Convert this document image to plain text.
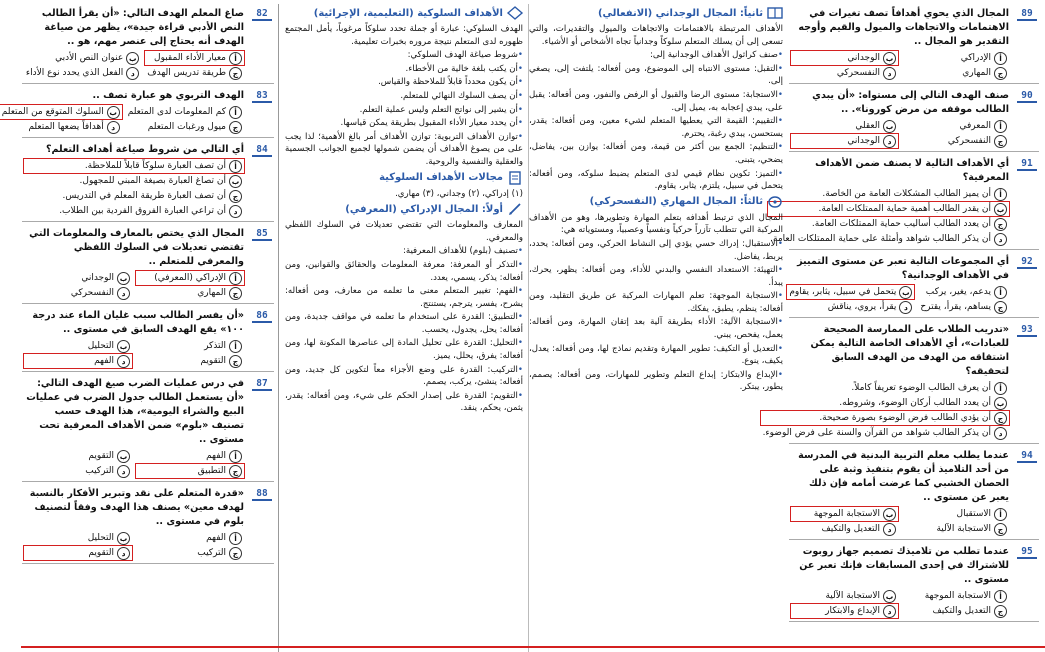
89
المجال الذي يحوي أهدافاً تصف تغيرات في الاهتمامات والاتجاهات والميول والقيم وأوجه التقدير هو المجال ..
أ
الإدراكي
ب
الوجداني
ج
المهاري
د
النفسحركي
90
صنف الهدف التالي إلى مستواه: «أن يبدي الطالب موقفه من مرض كورونا». ..
أ
المعرفي
ب
العقلي
ج
النفسحركي
د
الوجداني
91
أي الأهداف التالية لا يصنف ضمن الأهداف المعرفية؟
أ
أن يميز الطالب المشكلات العامة من الخاصة.
ب
أن يقدر الطالب أهمية حماية الممتلكات العامة.
ج
أن يعدد الطالب أساليب حماية الممتلكات العامة.
د
أن يذكر الطالب شواهد وأمثلة على حماية الممتلكات العامة.
92
أي المجموعات التالية تعبر عن مستوى التمييز في الأهداف الوجدانية؟
أ
يدعم، يغير، يركب
ب
يتحمل في سبيل، يثابر، يقاوم
ج
يساهم، يقرأ، يقترح
د
يقرأ، يروي، يناقش
93
«تدريب الطلاب على الممارسة الصحيحة للعبادات»، أي الأهداف الخاصة التالية يمكن اشتقاقه من الهدف من الهدف السابق لتحقيقه؟
أ
أن يعرف الطالب الوضوء تعريفاً كاملاً.
ب
أن يعدد الطالب أركان الوضوء، وشروطه.
ج
أن يؤدي الطالب فرض الوضوء بصورة صحيحة.
د
أن يذكر الطالب شواهد من القرآن والسنة على فرض الوضوء.
94
عندما يطلب معلم التربية البدنية في المدرسة من أحد التلاميذ أن يقوم بتنفيذ وثبة على الحصان الخشبي كما عرضت أمامه فإن ذلك يعبر عن مستوى ..
أ
الاستقبال
ب
الاستجابة الموجهة
ج
الاستجابة الآلية
د
التعديل والتكيف
95
عندما تطلب من تلاميذك تصميم جهاز روبوت للاشتراك في إحدى المسابقات فإنك تعبر عن مستوى ..
أ
الاستجابة الموجهة
ب
الاستجابة الآلية
ج
التعديل والتكيف
د
الإبداع والابتكار
ثانياً: المجال الوجداني (الانفعالي)
الأهداف المرتبطة بالاهتمامات والاتجاهات والميول والتقديرات، والتي تسعى إلى أن يسلك المتعلم سلوكاً وجدانياً تجاه الأشخاص أو الأشياء.
• صنف كراثول الأهداف الوجدانية إلى:
• التقبل: مستوى الانتباه إلى الموضوع، ومن أفعاله: يلتفت إلى، يصغي إلى.
• الاستجابة: مستوى الرضا والقبول أو الرفض والنفور، ومن أفعاله: يقبل على، يبدي إعجابه به، يميل إلى.
• التقييم: القيمة التي يعطيها المتعلم لشيء معين، ومن أفعاله: يقدر، يستحسن، يبدي رغبة، يحترم.
• التنظيم: الجمع بين أكثر من قيمة، ومن أفعاله: يوازن بين، يفاضل، يضحي، يتبنى.
• التميز: تكوين نظام قيمي لدى المتعلم يضبط سلوكه، ومن أفعاله: يتحمل في سبيل، يلتزم، يثابر، يقاوم.
ثالثاً: المجال المهاري (النفسحركي)
المجال الذي ترتبط أهدافه بتعلم المهارة وتطويرها، وهو من الأهداف المركبة التي تتطلب تآزراً حركياً ونفسياً وعصبياً، ومستوياته هي:
• الاستقبال: إدراك حسي يؤدي إلى النشاط الحركي، ومن أفعاله: يحدد، يربط، يفاضل.
• التهيئة: الاستعداد النفسي والبدني للأداء، ومن أفعاله: يظهر، يحرك، يبدأ.
• الاستجابة الموجهة: تعلم المهارات المركبة عن طريق التقليد، ومن أفعاله: ينظم، يطبق، يفكك.
• الاستجابة الآلية: الأداء بطريقة آلية بعد إتقان المهارة، ومن أفعاله: يعمل، يفحص، يبني.
• التعديل أو التكيف: تطوير المهارة وتقديم نماذج لها، ومن أفعاله: يعدل، يكيف، ينوع.
• الإبداع والابتكار: إبداع التعلم وتطوير للمهارات، ومن أفعاله: يصمم، يطور، يبتكر.
الأهداف السلوكية (التعليمية، الإجرائية)
الهدف السلوكي: عبارة أو جملة تحدد سلوكاً مرغوباً، يأمل المجتمع ظهوره لدى المتعلم نتيجة مروره بخبرات تعليمية.
• شروط صياغة الهدف السلوكي:
• أن يكتب بلغة خالية من الأخطاء.
• أن يكون محدداً قابلاً للملاحظة والقياس.
• أن يصف السلوك النهائي للمتعلم.
• أن يشير إلى نواتج التعلم وليس عملية التعلم.
• أن يحدد معيار الأداء المقبول بطريقة يمكن قياسها.
• توازن الأهداف التربوية: توازن الأهداف أمر بالغ الأهمية؛ لذا يجب على من يصوغ الأهداف أن يضمن شمولها لجميع الجوانب الجسمية والعقلية والنفسية والروحية.
مجالات الأهداف السلوكية
(١) إدراكي، (٢) وجداني، (٣) مهاري.
أولاً: المجال الإدراكي (المعرفي)
المعارف والمعلومات التي تقتضي تعديلات في السلوك اللفظي والمعرفي.
• تصنيف (بلوم) للأهداف المعرفية:
• التذكر أو المعرفة: معرفة المعلومات والحقائق والقوانين، ومن أفعاله: يذكر، يسمي، يعدد.
• الفهم: تغيير المتعلم معنى ما تعلمه من معارف، ومن أفعاله: يشرح، يفسر، يترجم، يستنتج.
• التطبيق: القدرة على استخدام ما تعلمه في مواقف جديدة، ومن أفعاله: يحل، يجدول، يحسب.
• التحليل: القدرة على تحليل المادة إلى عناصرها المكونة لها، ومن أفعاله: يفرق، يحلل، يميز.
• التركيب: القدرة على وضع الأجزاء معاً لتكوين كل جديد، ومن أفعاله: ينشئ، يركب، يصمم.
• التقويم: القدرة على إصدار الحكم على شيء، ومن أفعاله: يقدر، يثمن، يحكم، ينقد.
82
صاغ المعلم الهدف التالي: «أن يقرأ الطالب النص الأدبي قراءة جيدة»، يظهر من صياغة الهدف أنه يحتاج إلى عنصر مهم، هو ..
أ
معيار الأداء المقبول
ب
عنوان النص الأدبي
ج
طريقة تدريس الهدف
د
الفعل الذي يحدد نوع الأداء
83
الهدف التربوي هو عبارة تصف ..
أ
كم المعلومات لدى المتعلم
ب
السلوك المتوقع من المتعلم
ج
ميول ورغبات المتعلم
د
أهدافاً يضعها المتعلم
84
أي التالي من شروط صياغة أهداف التعلم؟
أ
أن تصف العبارة سلوكاً قابلاً للملاحظة.
ب
أن تصاغ العبارة بصيغة المبني للمجهول.
ج
أن تصف العبارة طريقة المعلم في التدريس.
د
أن تراعي العبارة الفروق الفردية بين الطلاب.
85
المجال الذي يختص بالمعارف والمعلومات التي تقتضي تعديلات في السلوك اللفظي والمعرفي للمتعلم ..
أ
الإدراكي (المعرفي)
ب
الوجداني
ج
المهاري
د
النفسحركي
86
«أن يفسر الطالب سبب غليان الماء عند درجة ١٠٠» يقع الهدف السابق في مستوى ..
أ
التذكر
ب
التحليل
ج
التقويم
د
الفهم
87
في درس عمليات الضرب صيغ الهدف التالي: «أن يستعمل الطالب جدول الضرب في عمليات البيع والشراء اليومية»، هذا الهدف حسب تصنيف «بلوم» ضمن الأهداف المعرفية تحت مستوى ..
أ
الفهم
ب
التقويم
ج
التطبيق
د
التركيب
88
«قدرة المتعلم على نقد وتبرير الأفكار بالنسبة لهدف معين» يصنف هذا الهدف وفقاً لتصنيف بلوم في مستوى ..
أ
الفهم
ب
التحليل
ج
التركيب
د
التقويم
